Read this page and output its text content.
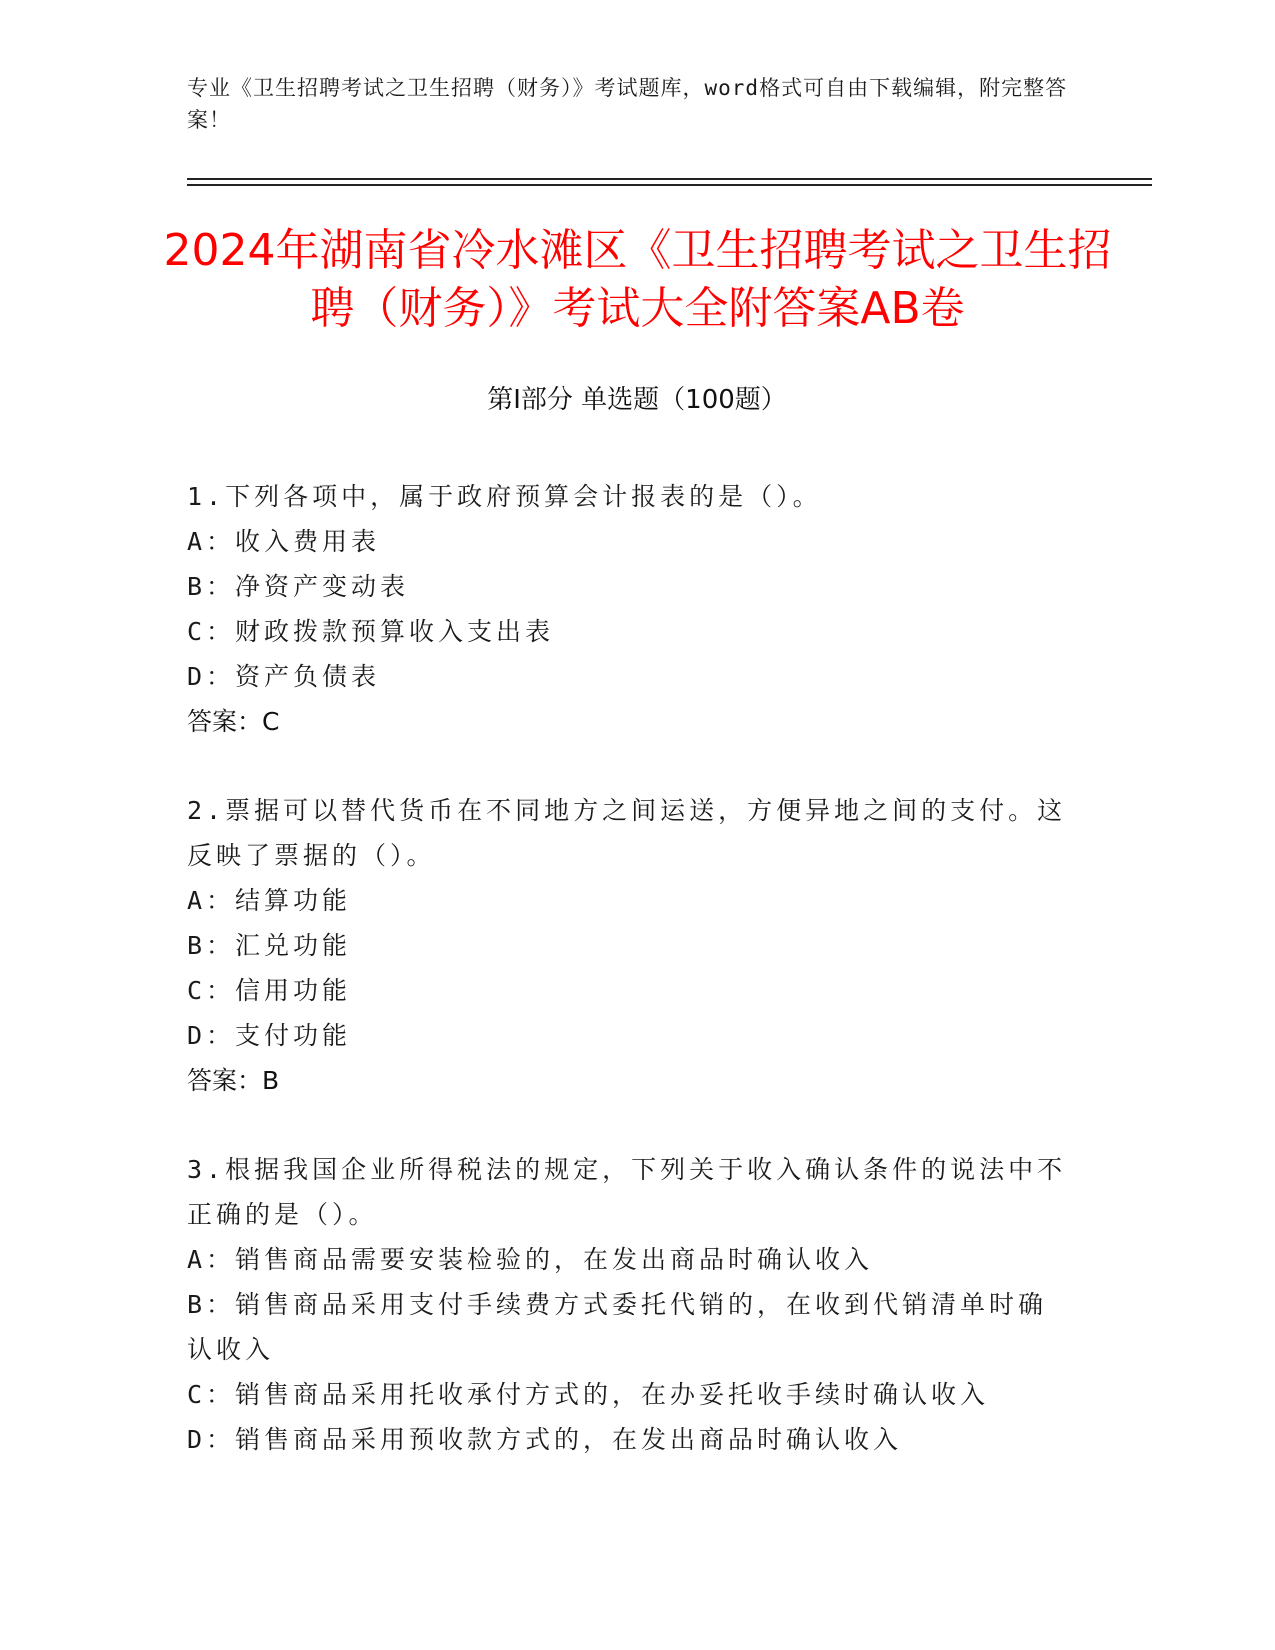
专业《卫生招聘考试之卫生招聘（财务）》考试题库，word格式可自由下载编辑，附完整答案！
2024年湖南省冷水滩区《卫生招聘考试之卫生招聘（财务）》考试大全附答案AB卷
第Ⅰ部分 单选题（100题）

1.下列各项中，属于政府预算会计报表的是（）。

A：收入费用表

B：净资产变动表

C：财政拨款预算收入支出表

D：资产负债表

答案：C

2.票据可以替代货币在不同地方之间运送，方便异地之间的支付。这反映了票据的（）。

A：结算功能

B：汇兑功能

C：信用功能

D：支付功能

答案：B

3.根据我国企业所得税法的规定，下列关于收入确认条件的说法中不正确的是（）。

A：销售商品需要安装检验的，在发出商品时确认收入

B：销售商品采用支付手续费方式委托代销的，在收到代销清单时确认收入

C：销售商品采用托收承付方式的，在办妥托收手续时确认收入

D：销售商品采用预收款方式的，在发出商品时确认收入
